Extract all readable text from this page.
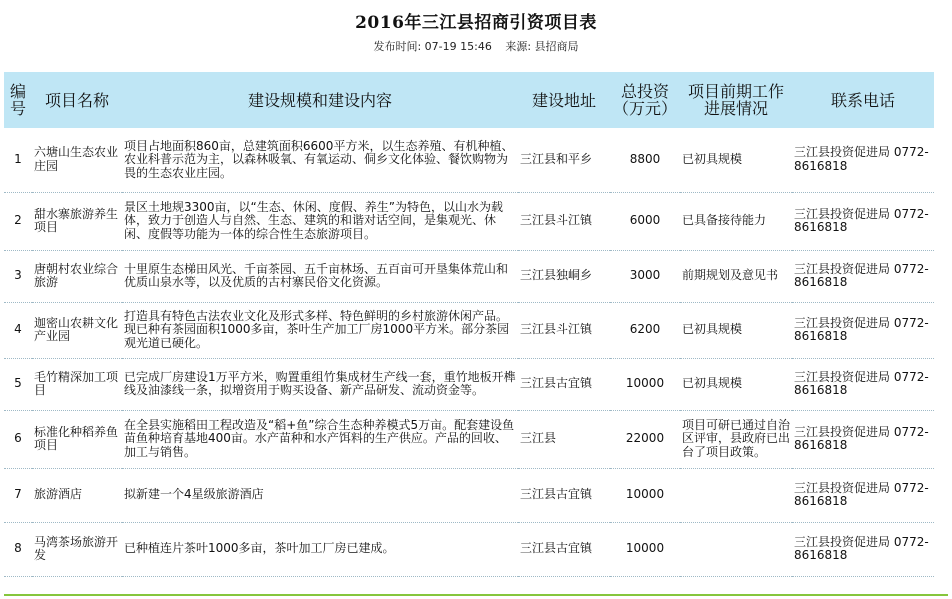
2016年三江县招商引资项目表
发布时间: 07-19 15:46 来源: 县招商局
编号	项目名称	建设规模和建设内容	建设地址	总投资（万元）	项目前期工作进展情况	联系电话
1	六塘山生态农业庄园	项目占地面积860亩，总建筑面积6600平方米，以生态养殖、有机种植、农业科普示范为主，以森林吸氧、有氧运动、侗乡文化体验、餐饮购物为畏的生态农业庄园。	三江县和平乡	8800	已初具规模	三江县投资促进局 0772-8616818
2	甜水寨旅游养生项目	景区土地规3300亩，以“生态、休闲、度假、养生”为特色，以山水为载体，致力于创造人与自然、生态、建筑的和谐对话空间，是集观光、休闲、度假等功能为一体的综合性生态旅游项目。	三江县斗江镇	6000	已具备接待能力	三江县投资促进局 0772-8616818
3	唐朝村农业综合旅游	十里原生态梯田风光、千亩茶园、五千亩林场、五百亩可开垦集体荒山和优质山泉水等，以及优质的古村寨民俗文化资源。	三江县独峒乡	3000	前期规划及意见书	三江县投资促进局 0772-8616818
4	迦密山农耕文化产业园	打造具有特色古法农业文化及形式多样、特色鲜明的乡村旅游休闲产品。现已种有茶园面积1000多亩，茶叶生产加工厂房1000平方米。部分茶园观光道已硬化。	三江县斗江镇	6200	已初具规模	三江县投资促进局 0772-8616818
5	毛竹精深加工项目	已完成厂房建设1万平方米，购置重组竹集成材生产线一套，重竹地板开榫线及油漆线一条，拟增资用于购买设备、新产品研发、流动资金等。	三江县古宜镇	10000	已初具规模	三江县投资促进局 0772-8616818
6	标准化种稻养鱼项目	在全县实施稻田工程改造及“稻+鱼”综合生态种养模式5万亩。配套建设鱼苗鱼种培育基地400亩。水产苗种和水产饵料的生产供应。产品的回收、加工与销售。	三江县	22000	项目可研已通过自治区评审，县政府已出台了项目政策。	三江县投资促进局 0772-8616818
7	旅游酒店	拟新建一个4星级旅游酒店	三江县古宜镇	10000		三江县投资促进局 0772-8616818
8	马湾茶场旅游开发	已种植连片茶叶1000多亩，茶叶加工厂房已建成。	三江县古宜镇	10000		三江县投资促进局 0772-8616818
